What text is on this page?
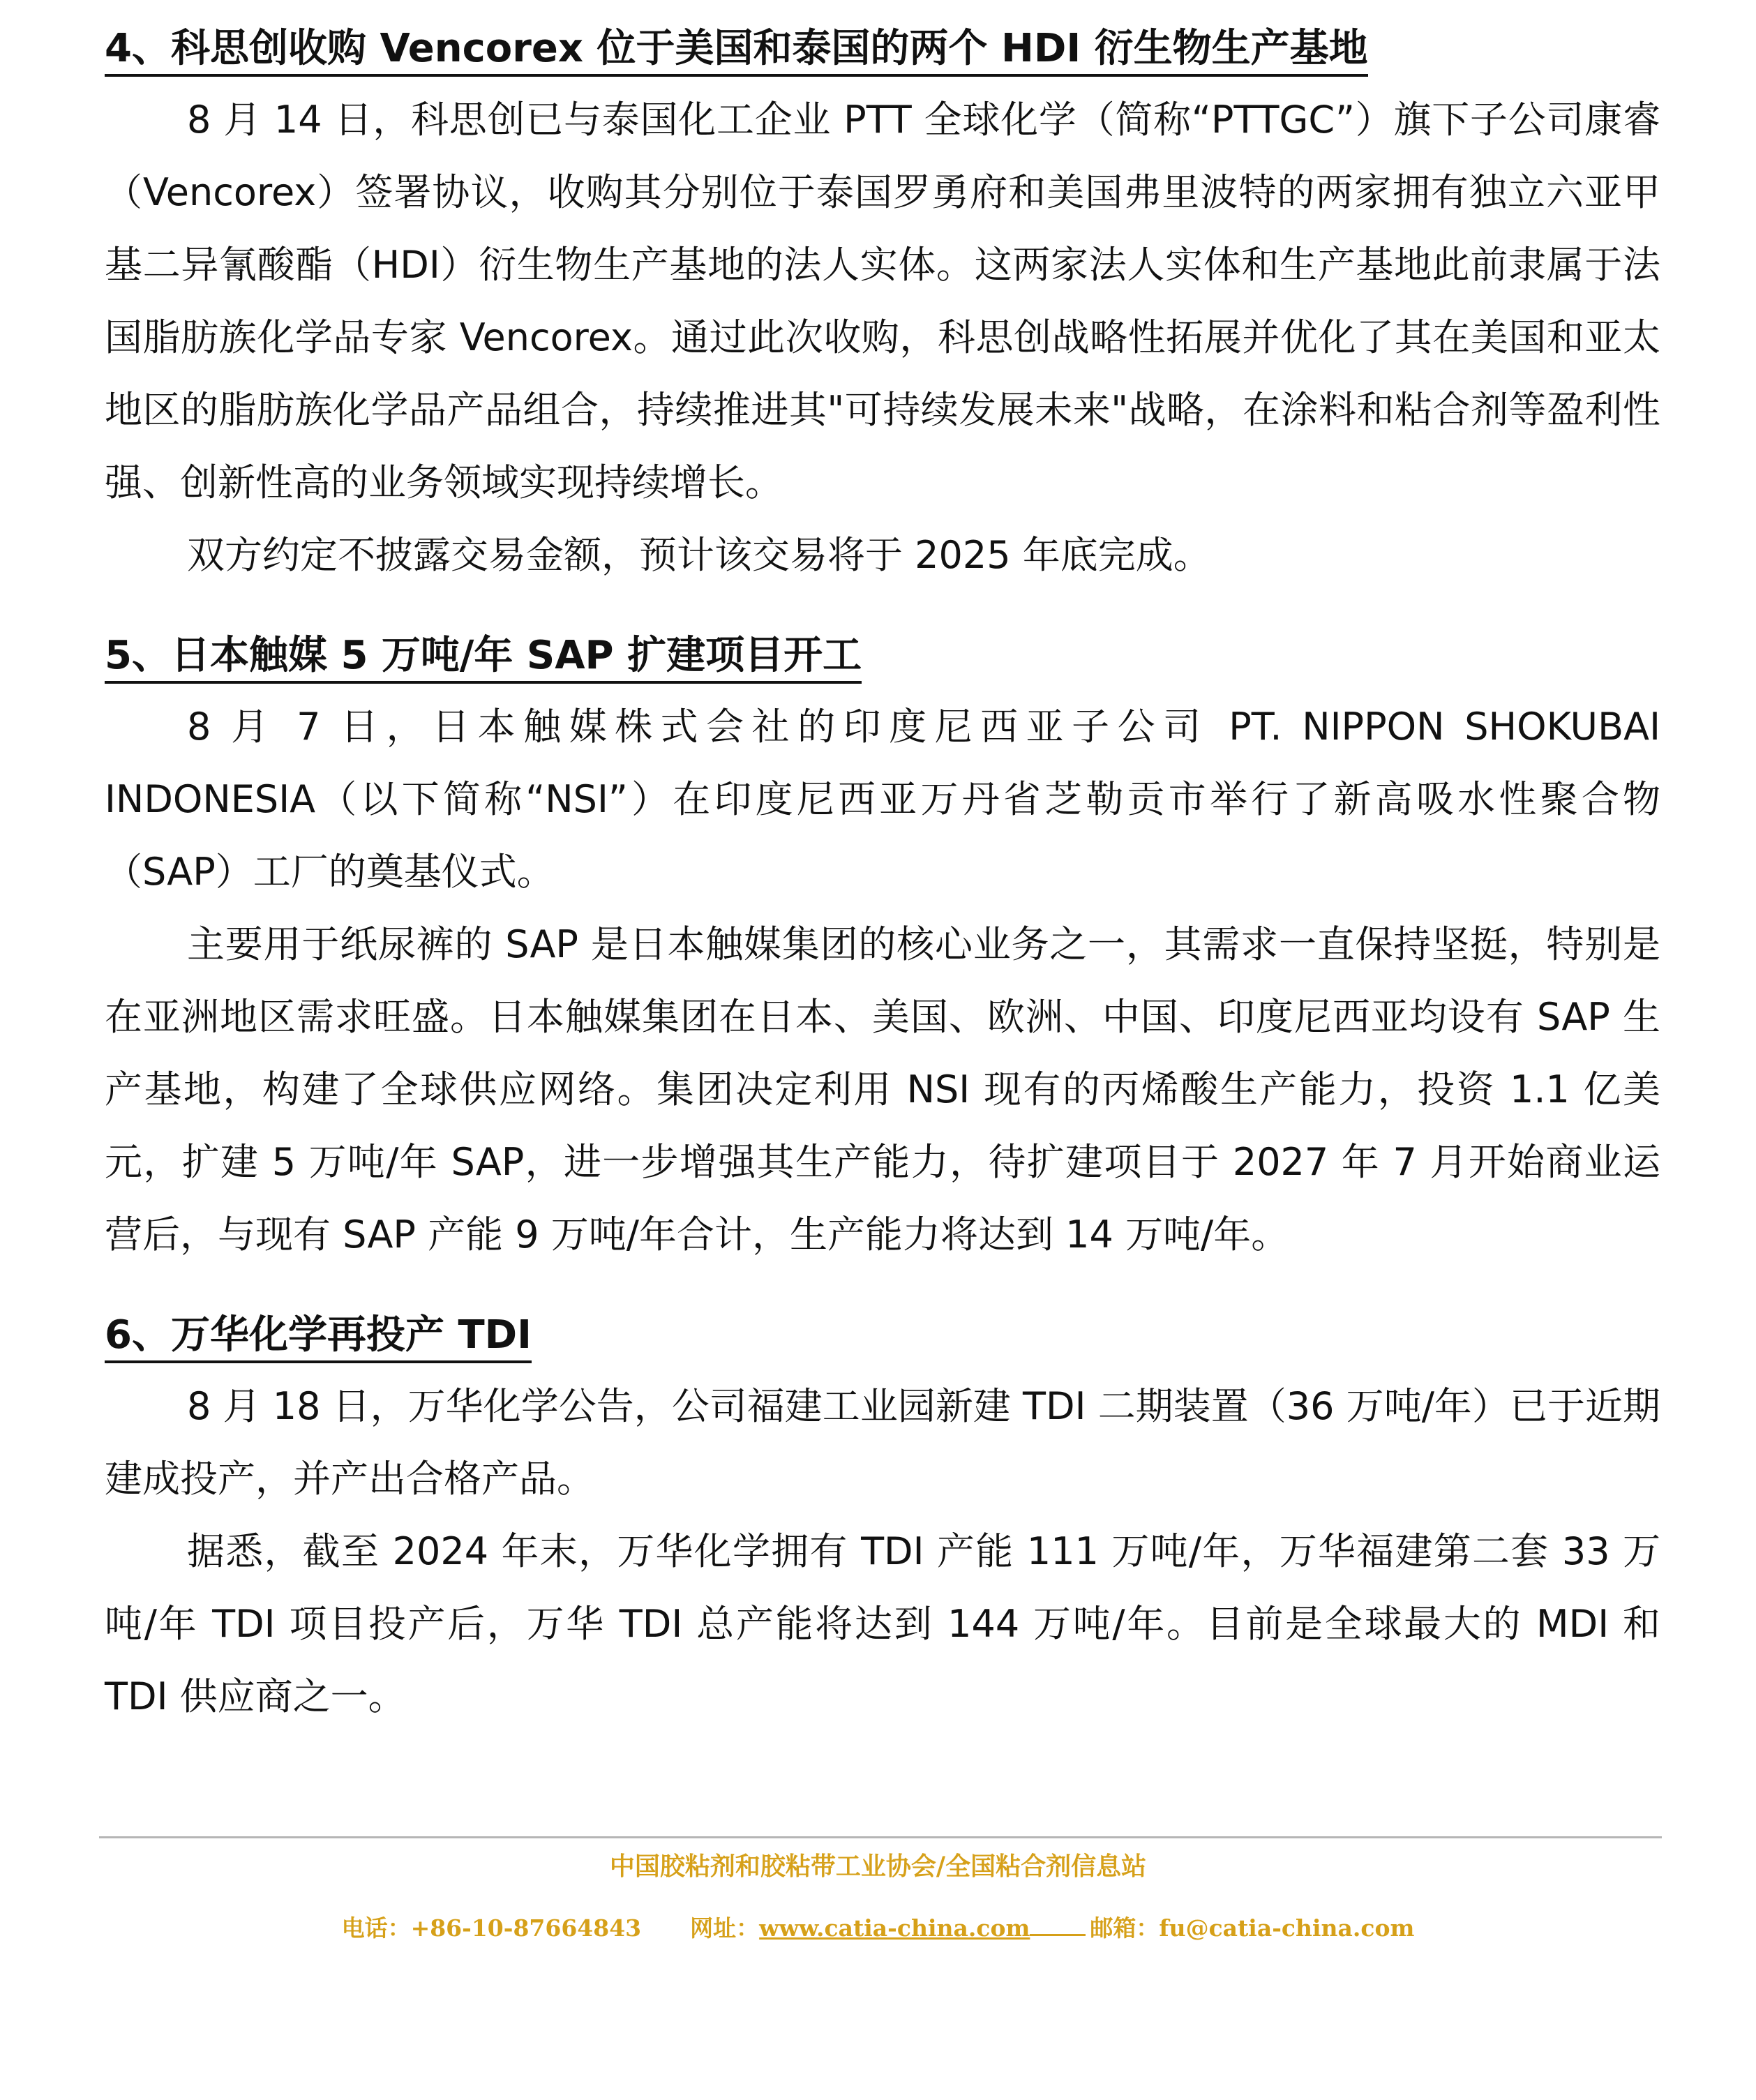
4、科思创收购 Vencorex 位于美国和泰国的两个 HDI 衍生物生产基地

8 月 14 日，科思创已与泰国化工企业 PTT 全球化学（简称“PTTGC”）旗下子公司康睿（Vencorex）签署协议，收购其分别位于泰国罗勇府和美国弗里波特的两家拥有独立六亚甲基二异氰酸酯（HDI）衍生物生产基地的法人实体。这两家法人实体和生产基地此前隶属于法国脂肪族化学品专家 Vencorex。通过此次收购，科思创战略性拓展并优化了其在美国和亚太地区的脂肪族化学品产品组合，持续推进其"可持续发展未来"战略，在涂料和粘合剂等盈利性强、创新性高的业务领域实现持续增长。

双方约定不披露交易金额，预计该交易将于 2025 年底完成。

5、日本触媒 5 万吨/年 SAP 扩建项目开工

8 月 7 日，日本触媒株式会社的印度尼西亚子公司 PT. NIPPON SHOKUBAI INDONESIA（以下简称“NSI”）在印度尼西亚万丹省芝勒贡市举行了新高吸水性聚合物（SAP）工厂的奠基仪式。

主要用于纸尿裤的 SAP 是日本触媒集团的核心业务之一，其需求一直保持坚挺，特别是在亚洲地区需求旺盛。日本触媒集团在日本、美国、欧洲、中国、印度尼西亚均设有 SAP 生产基地，构建了全球供应网络。集团决定利用 NSI 现有的丙烯酸生产能力，投资 1.1 亿美元，扩建 5 万吨/年 SAP，进一步增强其生产能力，待扩建项目于 2027 年 7 月开始商业运营后，与现有 SAP 产能 9 万吨/年合计，生产能力将达到 14 万吨/年。

6、万华化学再投产 TDI

8 月 18 日，万华化学公告，公司福建工业园新建 TDI 二期装置（36 万吨/年）已于近期建成投产，并产出合格产品。

据悉，截至 2024 年末，万华化学拥有 TDI 产能 111 万吨/年，万华福建第二套 33 万吨/年 TDI 项目投产后，万华 TDI 总产能将达到 144 万吨/年。目前是全球最大的 MDI 和 TDI 供应商之一。

中国胶粘剂和胶粘带工业协会/全国粘合剂信息站
电话：+86-10-87664843 网址：www.catia-china.com	邮箱：fu@catia-china.com
